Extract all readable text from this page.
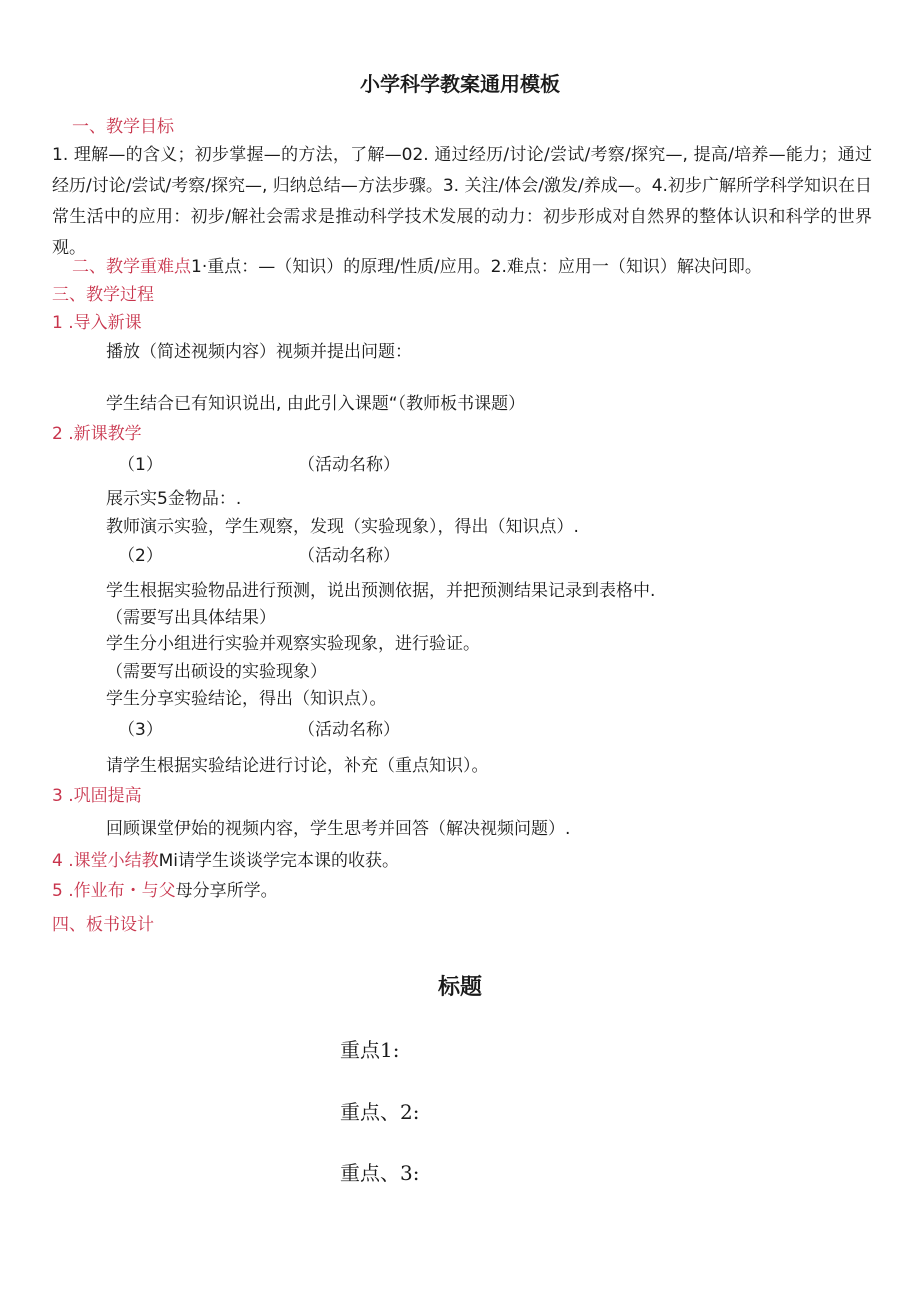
小学科学教案通用模板
一、教学目标
1. 理解—的含义；初步掌握—的方法，了解—02. 通过经历/讨论/尝试/考察/探究—, 提高/培养—能力；通过经历/讨论/尝试/考察/探究—, 归纳总结—方法步骤。3. 关注/体会/激发/养成—。4.初步广解所学科学知识在日常生活中的应用：初步/解社会需求是推动科学技术发展的动力：初步形成对自然界的整体认识和科学的世界观。
二、教学重难点1·重点：—（知识）的原理/性质/应用。2.难点：应用一（知识）解决问即。
三、教学过程
1 .导入新课
播放（简述视频内容）视频并提出问题：
学生结合已有知识说出, 由此引入课题“（教师板书课题）
2 .新课教学
（1）	（活动名称）
展示实5金物品：.
教师演示实验，学生观察，发现（实验现象），得出（知识点）.
（2）	（活动名称）
学生根据实验物品进行预测，说出预测依据，并把预测结果记录到表格中.
（需要写出具体结果）
学生分小组进行实验并观察实验现象，进行验证。
（需要写出硕设的实验现象）
学生分享实验结论，得出（知识点）。
（3）	（活动名称）
请学生根据实验结论进行讨论，补充（重点知识）。
3 .巩固提高
回顾课堂伊始的视频内容，学生思考并回答（解决视频问题）.
4 .课堂小结教Mi请学生谈谈学完本课的收获。
5 .作业布・与父母分享所学。
四、板书设计
标题
重点1:
重点、2:
重点、3:
